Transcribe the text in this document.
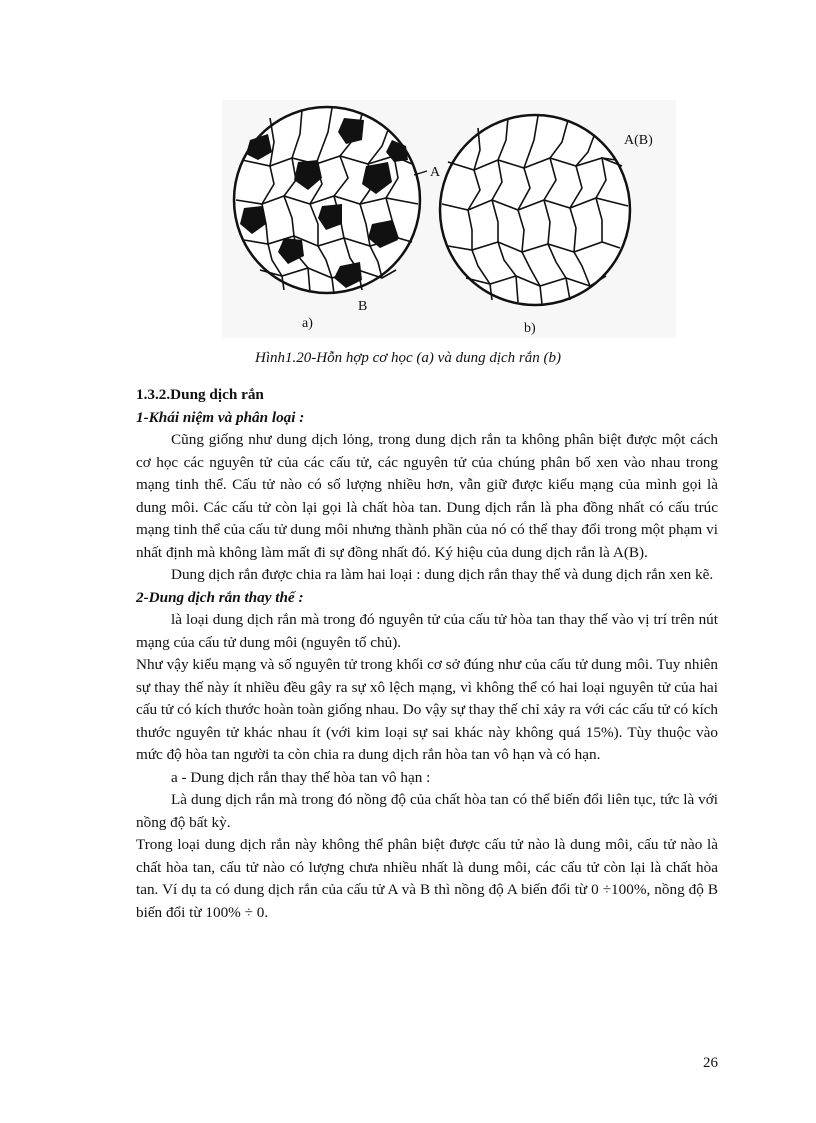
A
B
a)
A(B)
b)
Hình1.20-Hỗn hợp cơ học (a) và dung dịch rắn (b)

1.3.2.Dung dịch rắn

1-Khái niệm và phân loại :

Cũng giống như dung dịch lỏng, trong dung dịch rắn ta không phân biệt được một cách cơ học các nguyên tử của các cấu tử, các nguyên tử của chúng phân bố xen vào nhau trong mạng tinh thể. Cấu tử nào có số lượng nhiều hơn, vẫn giữ được kiểu mạng của mình gọi là dung môi. Các cấu tử còn lại gọi là chất hòa tan. Dung dịch rắn là pha đồng nhất có cấu trúc mạng tinh thể của cấu tử dung môi nhưng thành phần của nó có thể thay đổi trong một phạm vi nhất định mà không làm mất đi sự đồng nhất đó. Ký hiệu của dung dịch rắn là A(B).

Dung dịch rắn được chia ra làm hai loại : dung dịch rắn thay thế và dung dịch rắn xen kẽ.

2-Dung dịch rắn thay thế :

là loại dung dịch rắn mà trong đó nguyên tử của cấu tử hòa tan thay thế vào vị trí trên nút mạng của cấu tử dung môi (nguyên tố chủ).

Như vậy kiểu mạng và số nguyên tử trong khối cơ sở đúng như của cấu tử dung môi. Tuy nhiên sự thay thế này ít nhiều đều gây ra sự xô lệch mạng, vì không thể có hai loại nguyên tử của hai cấu tử có kích thước hoàn toàn giống nhau. Do vậy sự thay thế chỉ xảy ra với các cấu tử có kích thước nguyên tử khác nhau ít (với kim loại sự sai khác này không quá 15%). Tùy thuộc vào mức độ hòa tan người ta còn chia ra dung dịch rắn hòa tan vô hạn và có hạn.

a - Dung dịch rắn thay thế hòa tan vô hạn :

Là dung dịch rắn mà trong đó nồng độ của chất hòa tan có thể biến đổi liên tục, tức là với nồng độ bất kỳ.

Trong loại dung dịch rắn này không thể phân biệt được cấu tử nào là dung môi, cấu tử nào là chất hòa tan, cấu tử nào có lượng chưa nhiều nhất là dung môi, các cấu tử còn lại là chất hòa tan. Ví dụ ta có dung dịch rắn của cấu tử A và B thì nồng độ A biến đổi từ 0 ÷100%, nồng độ B biến đổi từ 100% ÷ 0.

26
